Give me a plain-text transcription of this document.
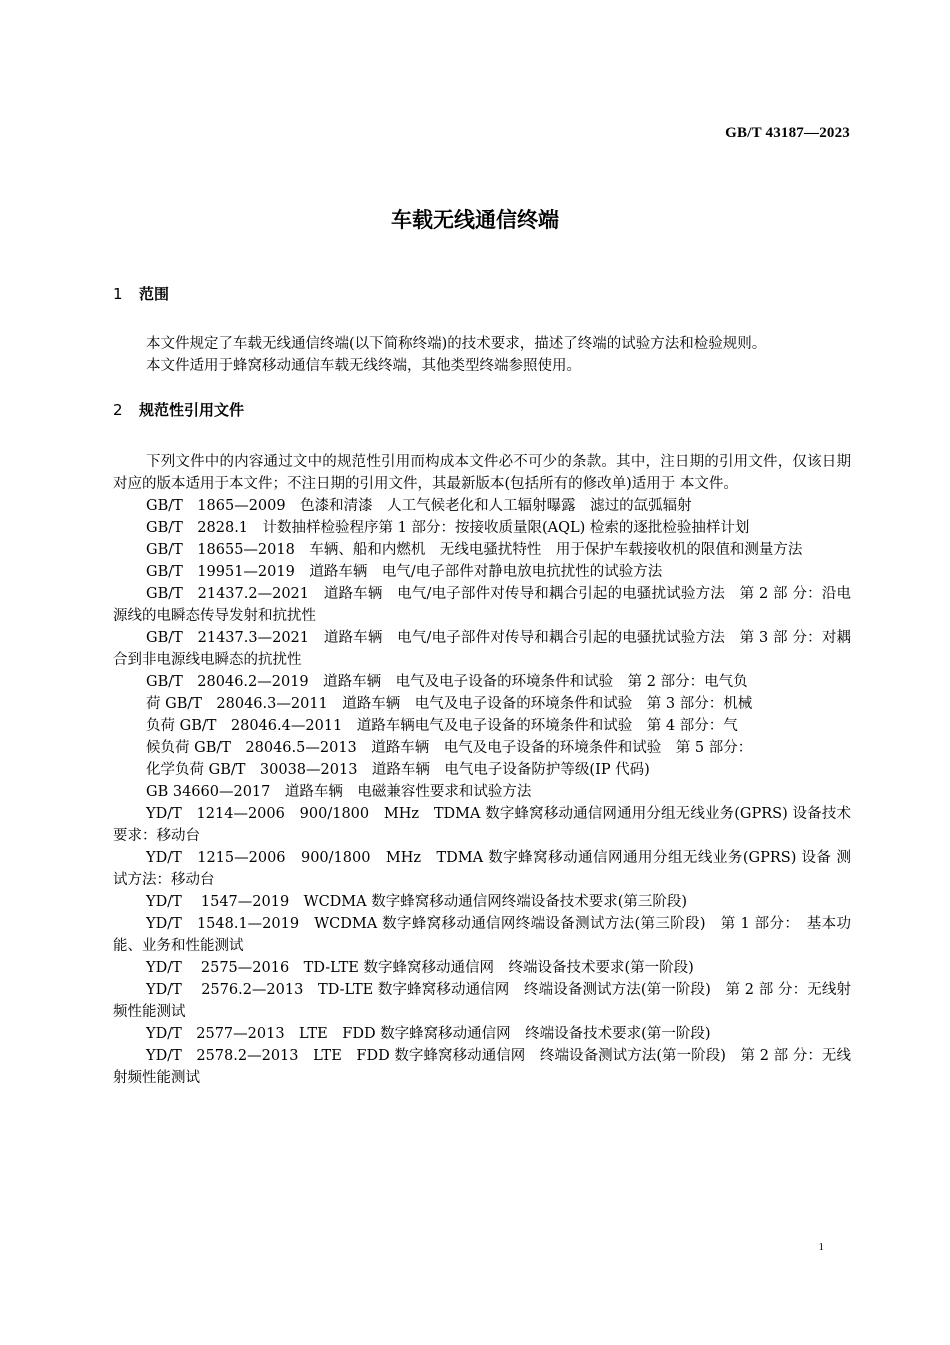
GB/T 43187—2023
车载无线通信终端
1 范围

本文件规定了车载无线通信终端(以下简称终端)的技术要求，描述了终端的试验方法和检验规则。

本文件适用于蜂窝移动通信车载无线终端，其他类型终端参照使用。

2 规范性引用文件

下列文件中的内容通过文中的规范性引用而构成本文件必不可少的条款。其中，注日期的引用文件，仅该日期对应的版本适用于本文件；不注日期的引用文件，其最新版本(包括所有的修改单)适用于 本文件。

GB/T　1865—2009　色漆和清漆　人工气候老化和人工辐射曝露　滤过的氙弧辐射

GB/T　2828.1　计数抽样检验程序第 1 部分：按接收质量限(AQL) 检索的逐批检验抽样计划

GB/T　18655—2018　车辆、船和内燃机　无线电骚扰特性　用于保护车载接收机的限值和测量方法

GB/T　19951—2019　道路车辆　电气/电子部件对静电放电抗扰性的试验方法

GB/T　21437.2—2021　道路车辆　电气/电子部件对传导和耦合引起的电骚扰试验方法　第 2 部 分：沿电源线的电瞬态传导发射和抗扰性

GB/T　21437.3—2021　道路车辆　电气/电子部件对传导和耦合引起的电骚扰试验方法　第 3 部 分：对耦合到非电源线电瞬态的抗扰性

GB/T　28046.2—2019　道路车辆　电气及电子设备的环境条件和试验　第 2 部分：电气负
荷 GB/T　28046.3—2011　道路车辆　电气及电子设备的环境条件和试验　第 3 部分：机械
负荷 GB/T　28046.4—2011　道路车辆电气及电子设备的环境条件和试验　第 4 部分：气
候负荷 GB/T　28046.5—2013　道路车辆　电气及电子设备的环境条件和试验　第 5 部分：
化学负荷 GB/T　30038—2013　道路车辆　电气电子设备防护等级(IP 代码)

GB 34660—2017　道路车辆　电磁兼容性要求和试验方法

YD/T　1214—2006　900/1800　MHz　TDMA 数字蜂窝移动通信网通用分组无线业务(GPRS) 设备技术要求：移动台

YD/T　1215—2006　900/1800　MHz　TDMA 数字蜂窝移动通信网通用分组无线业务(GPRS) 设备 测试方法：移动台

YD/T　 1547—2019　WCDMA 数字蜂窝移动通信网终端设备技术要求(第三阶段)

YD/T　1548.1—2019　WCDMA 数字蜂窝移动通信网终端设备测试方法(第三阶段)　第 1 部分：　基本功能、业务和性能测试

YD/T　 2575—2016　TD-LTE 数字蜂窝移动通信网　终端设备技术要求(第一阶段)

YD/T　 2576.2—2013　TD-LTE 数字蜂窝移动通信网　终端设备测试方法(第一阶段)　第 2 部 分：无线射频性能测试

YD/T　2577—2013　LTE　FDD 数字蜂窝移动通信网　终端设备技术要求(第一阶段)

YD/T　2578.2—2013　LTE　FDD 数字蜂窝移动通信网　终端设备测试方法(第一阶段)　第 2 部 分：无线射频性能测试

1
